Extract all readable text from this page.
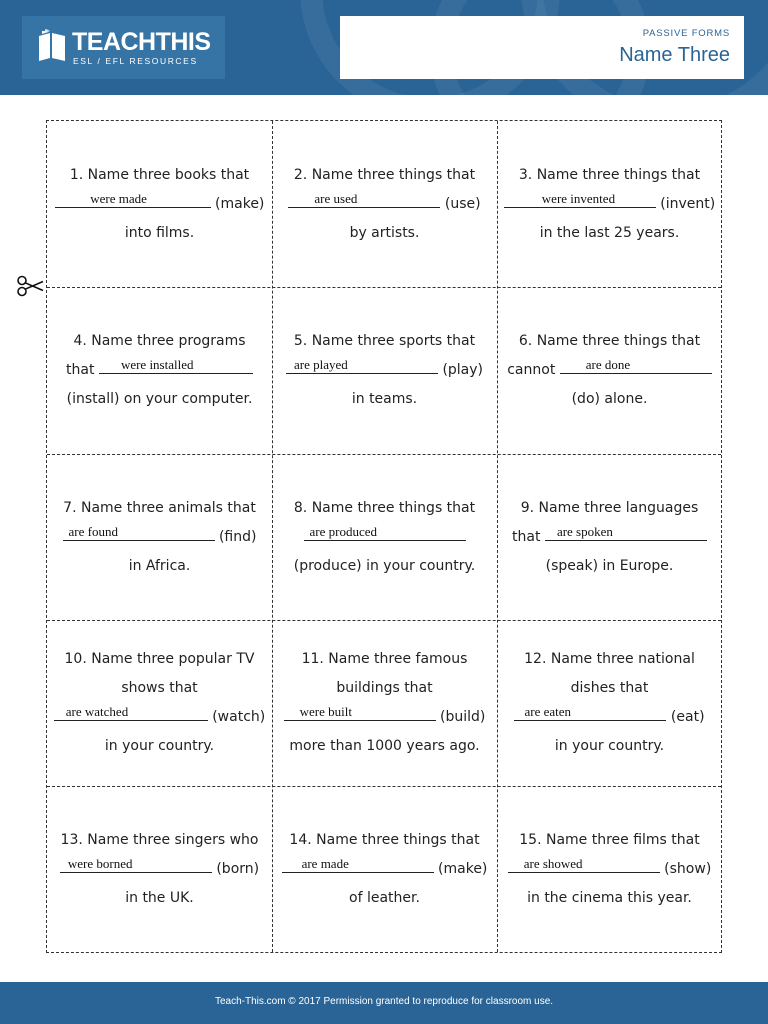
TEACHTHIS
ESL / EFL RESOURCES
PASSIVE FORMS
Name Three
1. Name three books that
were made	(make)
into films.
2. Name three things that
are used	(use)
by artists.
3. Name three things that
were invented	(invent)
in the last 25 years.
4. Name three programs
that	were installed
(install) on your computer.
5. Name three sports that
are played	(play)
in teams.
6. Name three things that
cannot	are done
(do) alone.
7. Name three animals that
are found	(find)
in Africa.
8. Name three things that
are produced
(produce) in your country.
9. Name three languages
that	are spoken
(speak) in Europe.
10. Name three popular TV
shows that
are watched	(watch)
in your country.
11. Name three famous
buildings that
were built	(build)
more than 1000 years ago.
12. Name three national
dishes that
are eaten	(eat)
in your country.
13. Name three singers who
were borned	(born)
in the UK.
14. Name three things that
are made	(make)
of leather.
15. Name three films that
are showed	(show)
in the cinema this year.
Teach-This.com © 2017 Permission granted to reproduce for classroom use.
